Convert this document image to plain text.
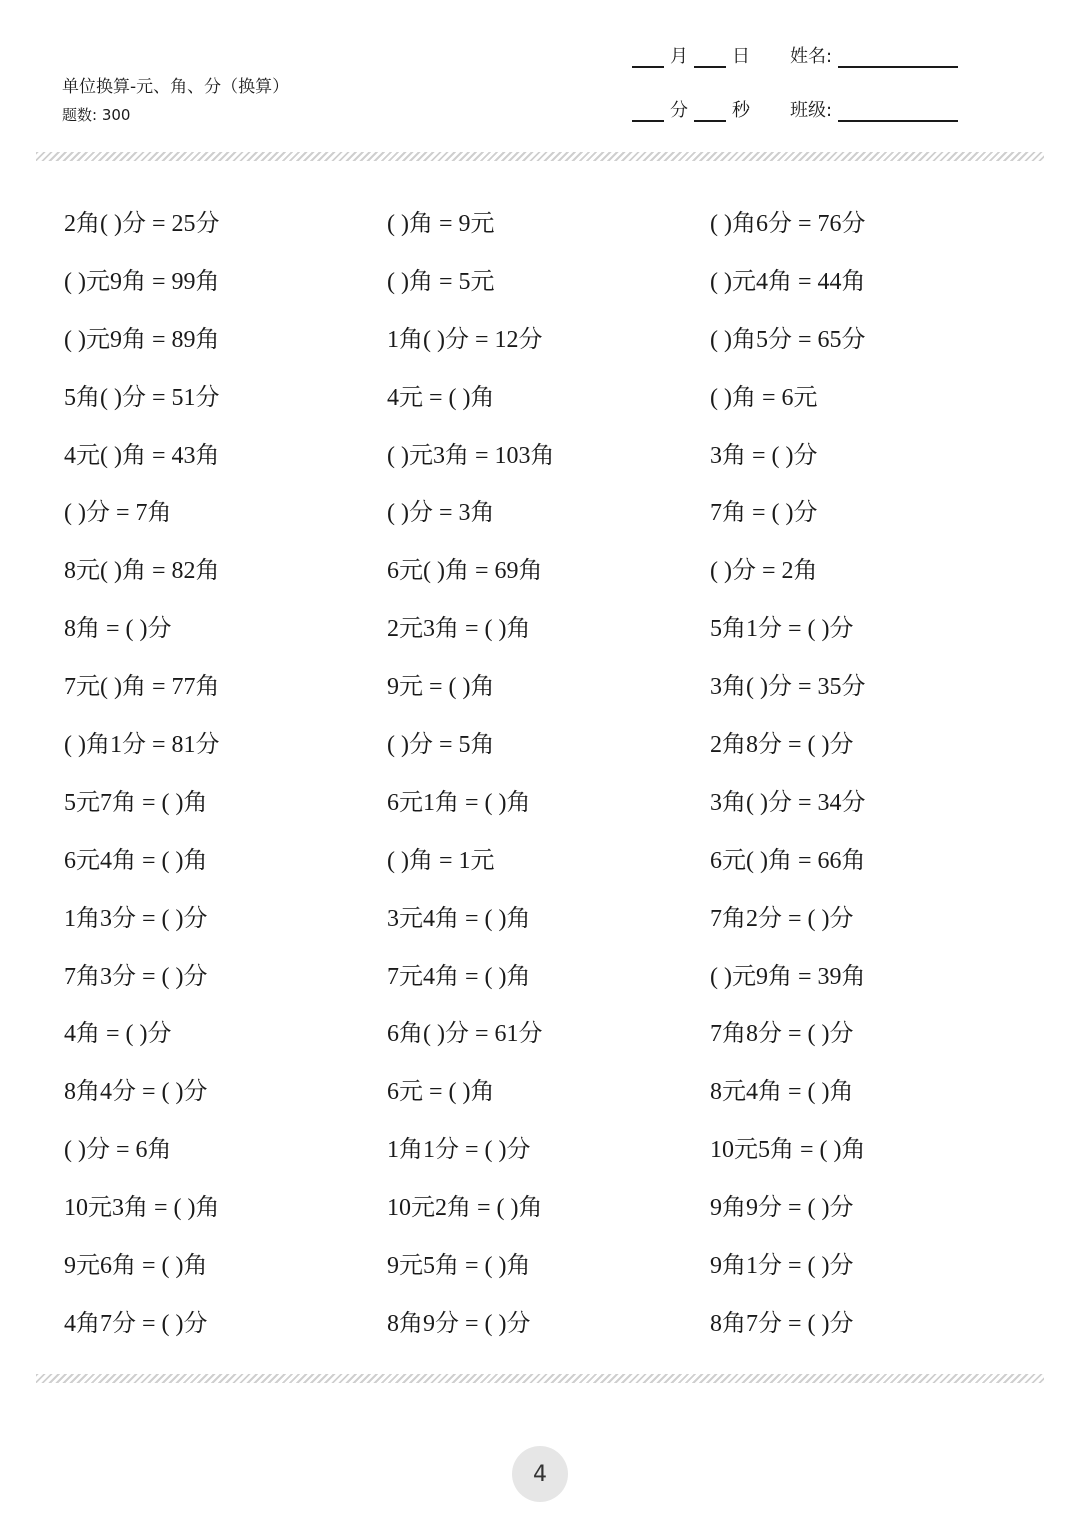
单位换算-元、角、分（换算）
题数: 300
月 日 姓名:
分 秒 班级:
2角( )分 = 25分	( )角 = 9元	( )角6分 = 76分
( )元9角 = 99角	( )角 = 5元	( )元4角 = 44角
( )元9角 = 89角	1角( )分 = 12分	( )角5分 = 65分
5角( )分 = 51分	4元 = ( )角	( )角 = 6元
4元( )角 = 43角	( )元3角 = 103角	3角 = ( )分
( )分 = 7角	( )分 = 3角	7角 = ( )分
8元( )角 = 82角	6元( )角 = 69角	( )分 = 2角
8角 = ( )分	2元3角 = ( )角	5角1分 = ( )分
7元( )角 = 77角	9元 = ( )角	3角( )分 = 35分
( )角1分 = 81分	( )分 = 5角	2角8分 = ( )分
5元7角 = ( )角	6元1角 = ( )角	3角( )分 = 34分
6元4角 = ( )角	( )角 = 1元	6元( )角 = 66角
1角3分 = ( )分	3元4角 = ( )角	7角2分 = ( )分
7角3分 = ( )分	7元4角 = ( )角	( )元9角 = 39角
4角 = ( )分	6角( )分 = 61分	7角8分 = ( )分
8角4分 = ( )分	6元 = ( )角	8元4角 = ( )角
( )分 = 6角	1角1分 = ( )分	10元5角 = ( )角
10元3角 = ( )角	10元2角 = ( )角	9角9分 = ( )分
9元6角 = ( )角	9元5角 = ( )角	9角1分 = ( )分
4角7分 = ( )分	8角9分 = ( )分	8角7分 = ( )分
4
